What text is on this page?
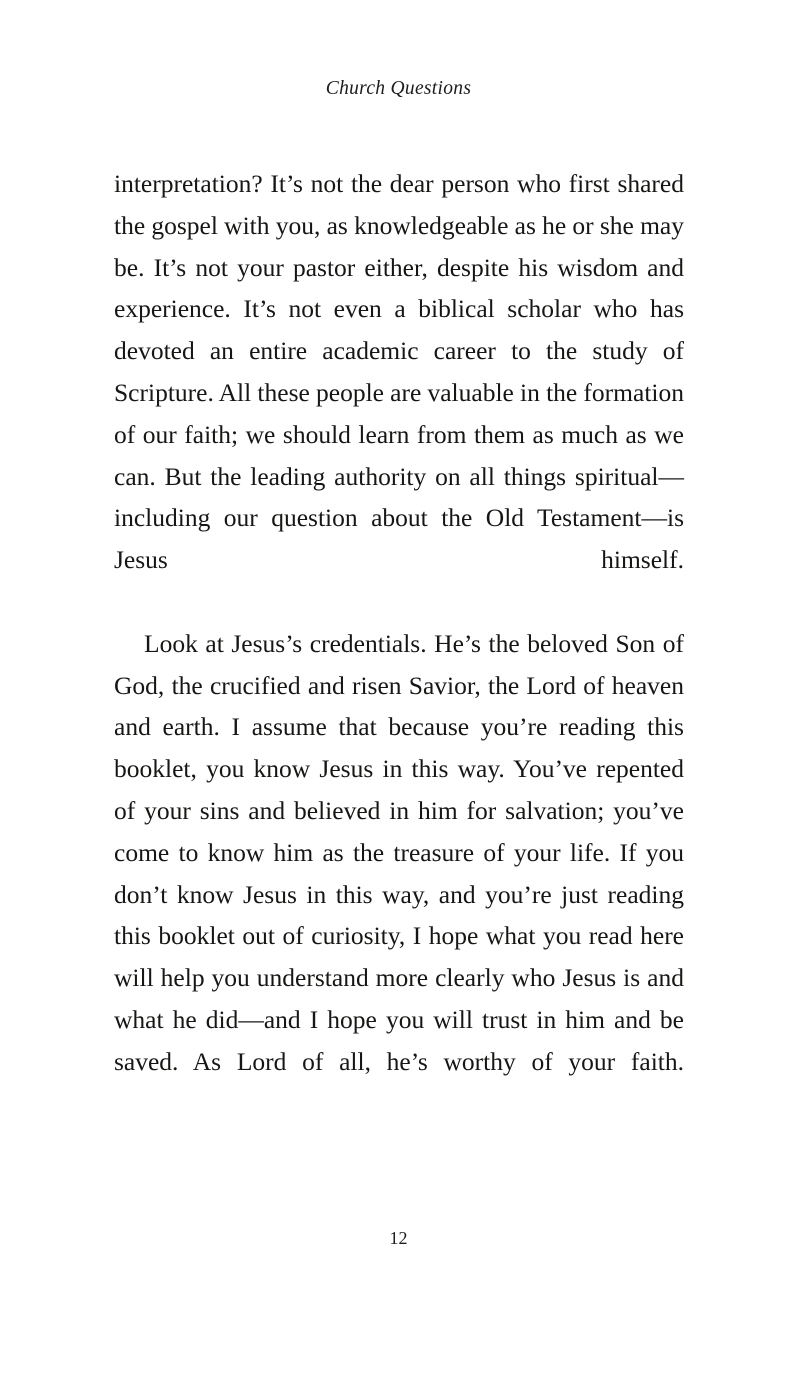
Church Questions

interpretation? It’s not the dear person who first shared the gospel with you, as knowledgeable as he or she may be. It’s not your pastor either, despite his wisdom and experience. It’s not even a biblical scholar who has devoted an entire academic career to the study of Scripture. All these people are valuable in the formation of our faith; we should learn from them as much as we can. But the leading authority on all things spiritual—including our question about the Old Testament—is Jesus himself.

Look at Jesus’s credentials. He’s the beloved Son of God, the crucified and risen Savior, the Lord of heaven and earth. I assume that because you’re reading this booklet, you know Jesus in this way. You’ve repented of your sins and believed in him for salvation; you’ve come to know him as the treasure of your life. If you don’t know Jesus in this way, and you’re just reading this booklet out of curiosity, I hope what you read here will help you understand more clearly who Jesus is and what he did—and I hope you will trust in him and be saved. As Lord of all, he’s worthy of your faith.

12
